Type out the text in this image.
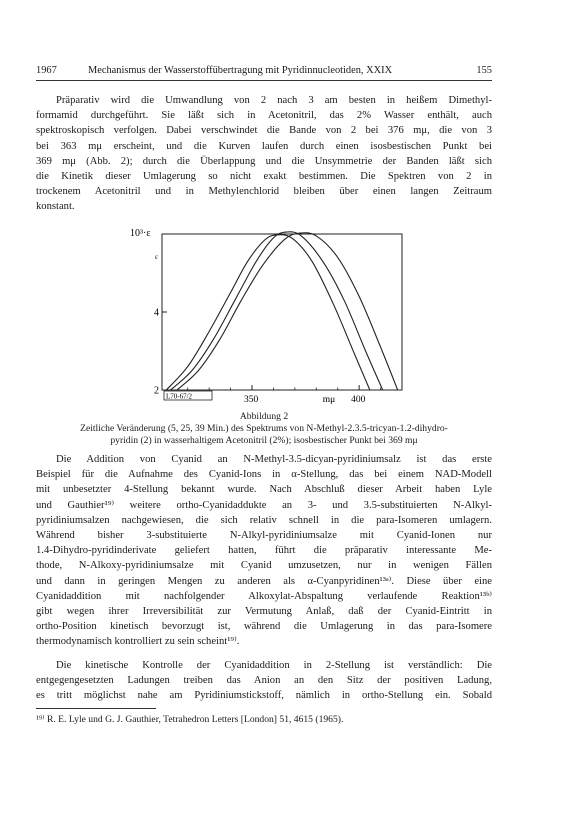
1967	Mechanismus der Wasserstoffübertragung mit Pyridinnucleotiden, XXIX	155
Präparativ wird die Umwandlung von 2 nach 3 am besten in heißem Dimethyl-
formamid durchgeführt. Sie läßt sich in Acetonitril, das 2% Wasser enthält, auch
spektroskopisch verfolgen. Dabei verschwindet die Bande von 2 bei 376 mμ, die von 3
bei 363 mμ erscheint, und die Kurven laufen durch einen isosbestischen Punkt bei
369 mμ (Abb. 2); durch die Überlappung und die Unsymmetrie der Banden läßt sich
die Kinetik dieser Umlagerung so nicht exakt bestimmen. Die Spektren von 2 in
trockenem Acetonitril und in Methylenchlorid bleiben über einen langen Zeitraum
konstant.
10³·ε
ε
2
4
350	400
mμ
L70-67/2
Abbildung 2
Zeitliche Veränderung (5, 25, 39 Min.) des Spektrums von N-Methyl-2.3.5-tricyan-1.2-dihydro-
pyridin (2) in wasserhaltigem Acetonitril (2%); isosbestischer Punkt bei 369 mμ
Die Addition von Cyanid an N-Methyl-3.5-dicyan-pyridiniumsalz ist das erste
Beispiel für die Aufnahme des Cyanid-Ions in α-Stellung, das bei einem NAD-Modell
mit unbesetzter 4-Stellung bekannt wurde. Nach Abschluß dieser Arbeit haben Lyle
und Gauthier¹⁹⁾ weitere ortho-Cyanidaddukte an 3- und 3.5-substituierten N-Alkyl-
pyridiniumsalzen nachgewiesen, die sich relativ schnell in die para-Isomeren umlagern.
Während bisher 3-substituierte N-Alkyl-pyridiniumsalze mit Cyanid-Ionen nur
1.4-Dihydro-pyridinderivate geliefert hatten, führt die präparativ interessante Me-
thode, N-Alkoxy-pyridiniumsalze mit Cyanid umzusetzen, nur in wenigen Fällen
und dann in geringen Mengen zu anderen als α-Cyanpyridinen¹³ᵃ⁾. Diese über eine
Cyanidaddition mit nachfolgender Alkoxylat-Abspaltung verlaufende Reaktion¹³ᵇ⁾
gibt wegen ihrer Irreversibilität zur Vermutung Anlaß, daß der Cyanid-Eintritt in
ortho-Position kinetisch bevorzugt ist, während die Umlagerung in das para-Isomere
thermodynamisch kontrolliert zu sein scheint¹⁹⁾.
Die kinetische Kontrolle der Cyanidaddition in 2-Stellung ist verständlich: Die
entgegengesetzten Ladungen treiben das Anion an den Sitz der positiven Ladung,
es tritt möglichst nahe am Pyridiniumstickstoff, nämlich in ortho-Stellung ein. Sobald
¹⁹⁾ R. E. Lyle und G. J. Gauthier, Tetrahedron Letters [London] 51, 4615 (1965).
